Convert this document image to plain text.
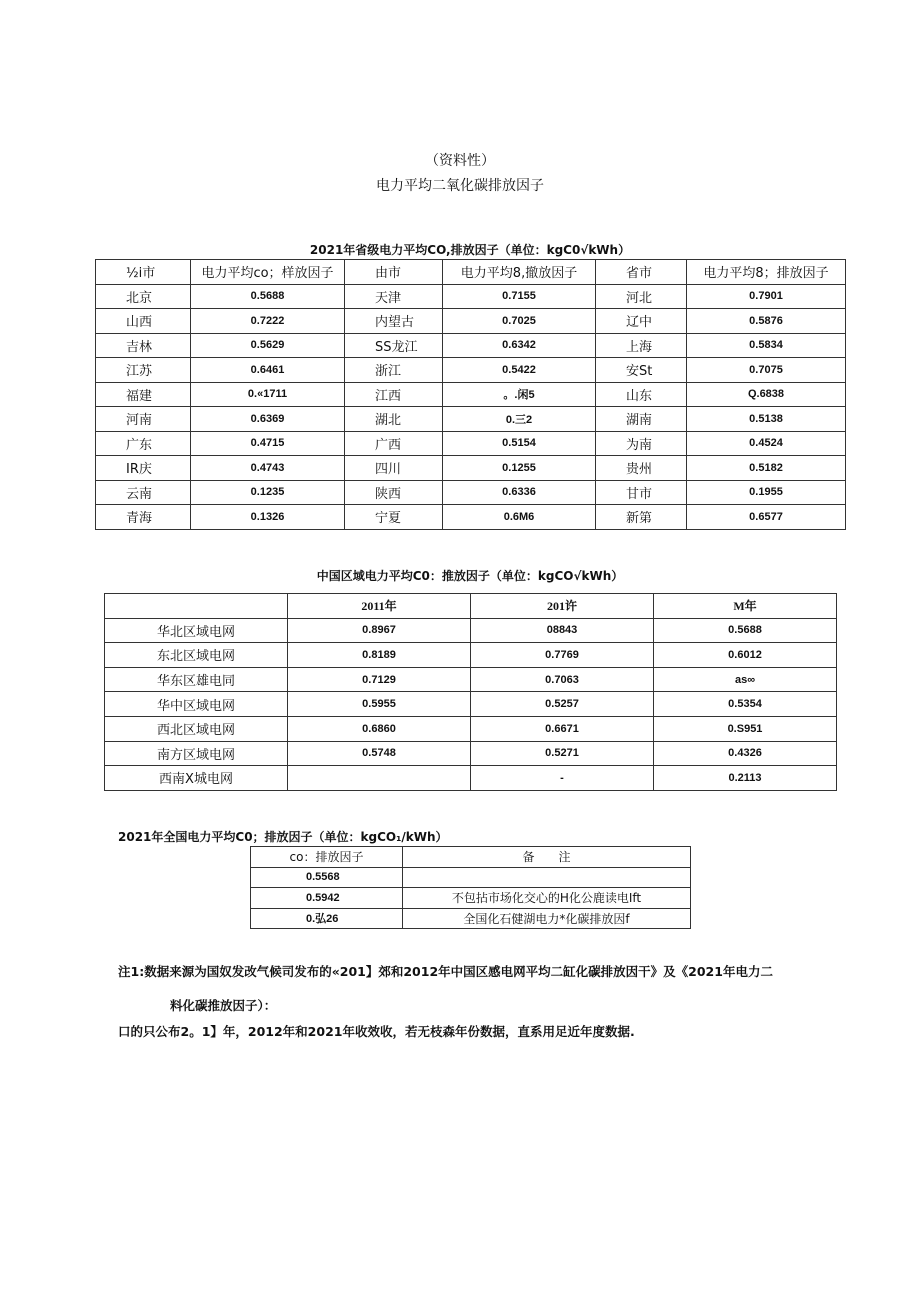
（资料性）
电力平均二氧化碳排放因子
2021年省级电力平均CO,排放因子（单位：kgC0√kWh）
½i市	电力平均co；样放因子	由市	电力平均8,撤放因子	省市	电力平均8；排放因子
北京	0.5688	天津	0.7155	河北	0.7901
山西	0.7222	内望古	0.7025	辽中	0.5876
吉林	0.5629	SS龙江	0.6342	上海	0.5834
江苏	0.6461	浙江	0.5422	安St	0.7075
福建	0.«1711	江西	。.闲5	山东	Q.6838
河南	0.6369	湖北	0.三2	湖南	0.5138
广东	0.4715	广西	0.5154	为南	0.4524
IR庆	0.4743	四川	0.1255	贵州	0.5182
云南	0.1235	陕西	0.6336	甘市	0.1955
青海	0.1326	宁夏	0.6M6	新第	0.6577
中国区域电力平均C0：推放因子（单位：kgCO√kWh）
	2011年	201许	M年
华北区域电网	0.8967	08843	0.5688
东北区域电网	0.8189	0.7769	0.6012
华东区雄电同	0.7129	0.7063	as∞
华中区域电网	0.5955	0.5257	0.5354
西北区域电网	0.6860	0.6671	0.S951
南方区域电网	0.5748	0.5271	0.4326
西南X城电网		-	0.2113
2021年全国电力平均C0；排放因子（单位：kgCO₁/kWh）
co：排放因子	备　　注
0.5568	
0.5942	不包拈市场化交心的H化公鹿读电Ift
0.弘26	全国化石健湖电力*化碳排放因f
注1:数据来源为国奴发改气候司发布的«201】郊和2012年中国区感电网平均二缸化碳排放因干》及《2021年电力二
料化碳推放因子）：
口的只公布2。1】年，2012年和2021年收效收，若无枝森年份数据，直系用足近年度数据.
